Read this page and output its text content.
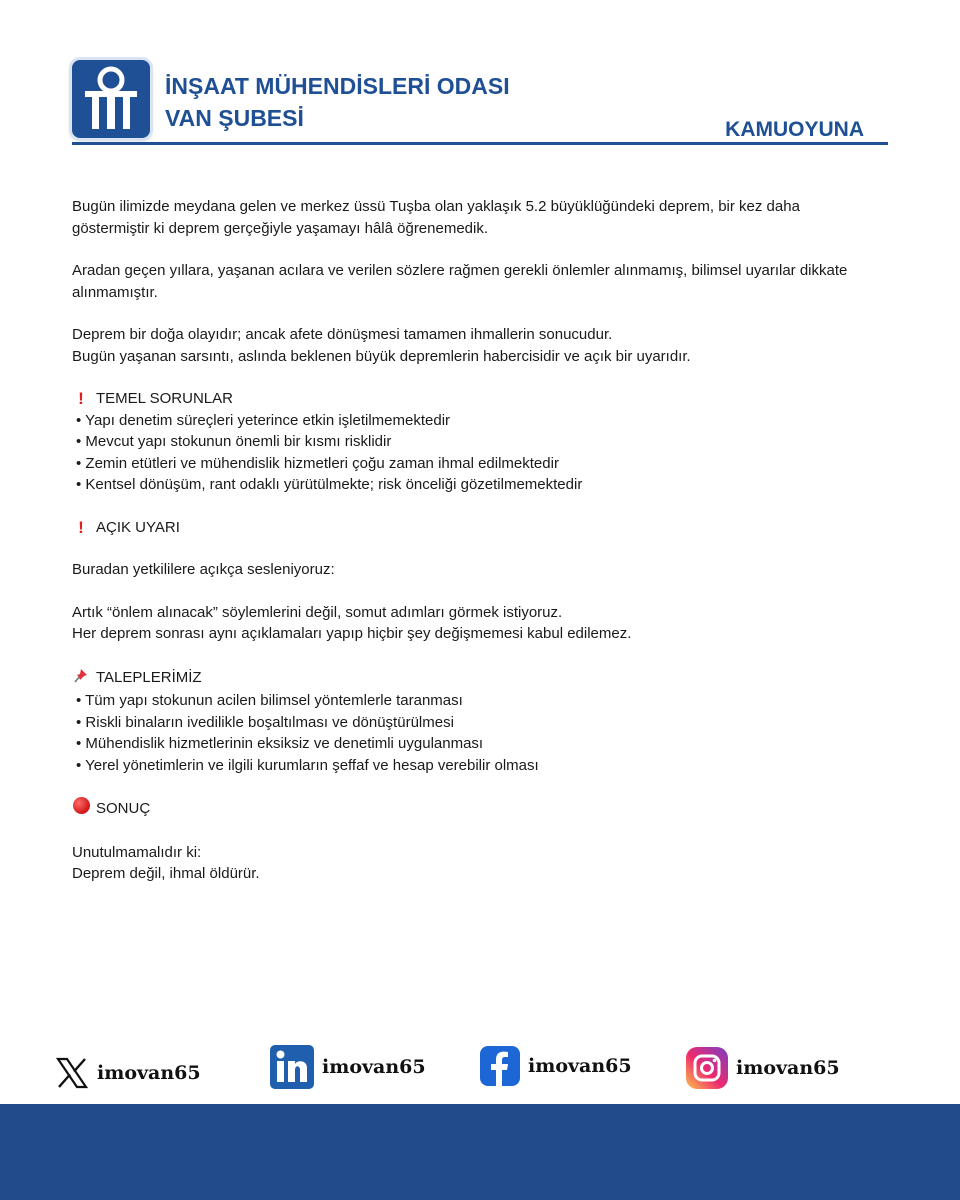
İNŞAAT MÜHENDİSLERİ ODASI
VAN ŞUBESİ	KAMUOYUNA

Bugün ilimizde meydana gelen ve merkez üssü Tuşba olan yaklaşık 5.2 büyüklüğündeki deprem, bir kez daha
göstermiştir ki deprem gerçeğiyle yaşamayı hâlâ öğrenemedik.

Aradan geçen yıllara, yaşanan acılara ve verilen sözlere rağmen gerekli önlemler alınmamış, bilimsel uyarılar dikkate
alınmamıştır.

Deprem bir doğa olayıdır; ancak afete dönüşmesi tamamen ihmallerin sonucudur.
Bugün yaşanan sarsıntı, aslında beklenen büyük depremlerin habercisidir ve açık bir uyarıdır.

! TEMEL SORUNLAR
• Yapı denetim süreçleri yeterince etkin işletilmemektedir
• Mevcut yapı stokunun önemli bir kısmı risklidir
• Zemin etütleri ve mühendislik hizmetleri çoğu zaman ihmal edilmektedir
• Kentsel dönüşüm, rant odaklı yürütülmekte; risk önceliği gözetilmemektedir

! AÇIK UYARI

Buradan yetkililere açıkça sesleniyoruz:

Artık “önlem alınacak” söylemlerini değil, somut adımları görmek istiyoruz.
Her deprem sonrası aynı açıklamaları yapıp hiçbir şey değişmemesi kabul edilemez.

TALEPLERİMİZ
• Tüm yapı stokunun acilen bilimsel yöntemlerle taranması
• Riskli binaların ivedilikle boşaltılması ve dönüştürülmesi
• Mühendislik hizmetlerinin eksiksiz ve denetimli uygulanması
• Yerel yönetimlerin ve ilgili kurumların şeffaf ve hesap verebilir olması

SONUÇ

Unutulmamalıdır ki:
Deprem değil, ihmal öldürür.

imovan65	imovan65	imovan65	imovan65
